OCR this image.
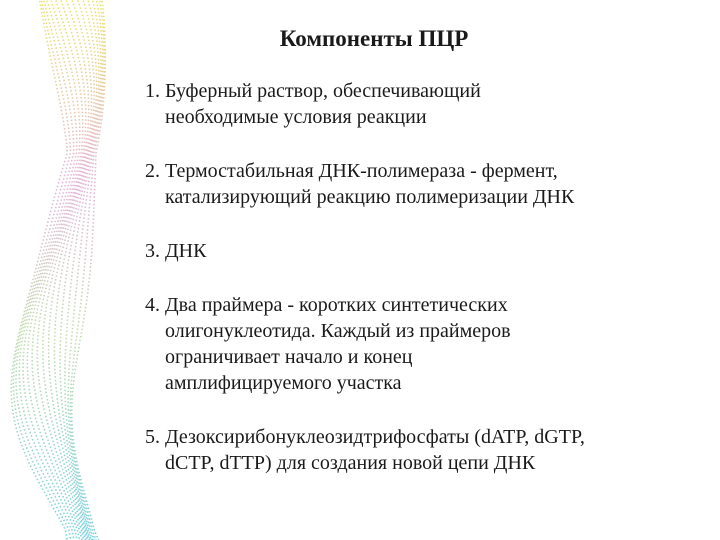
Компоненты ПЦР
1. Буферный раствор, обеспечивающий
необходимые условия реакции
2. Термостабильная ДНК-полимераза - фермент,
катализирующий реакцию полимеризации ДНК
3. ДНК
4. Два праймера - коротких синтетических
олигонуклеотида. Каждый из праймеров
ограничивает начало и конец
амплифицируемого участка
5. Дезоксирибонуклеозидтрифосфаты (dATP, dGTP,
dCTP, dTTP) для создания новой цепи ДНК
